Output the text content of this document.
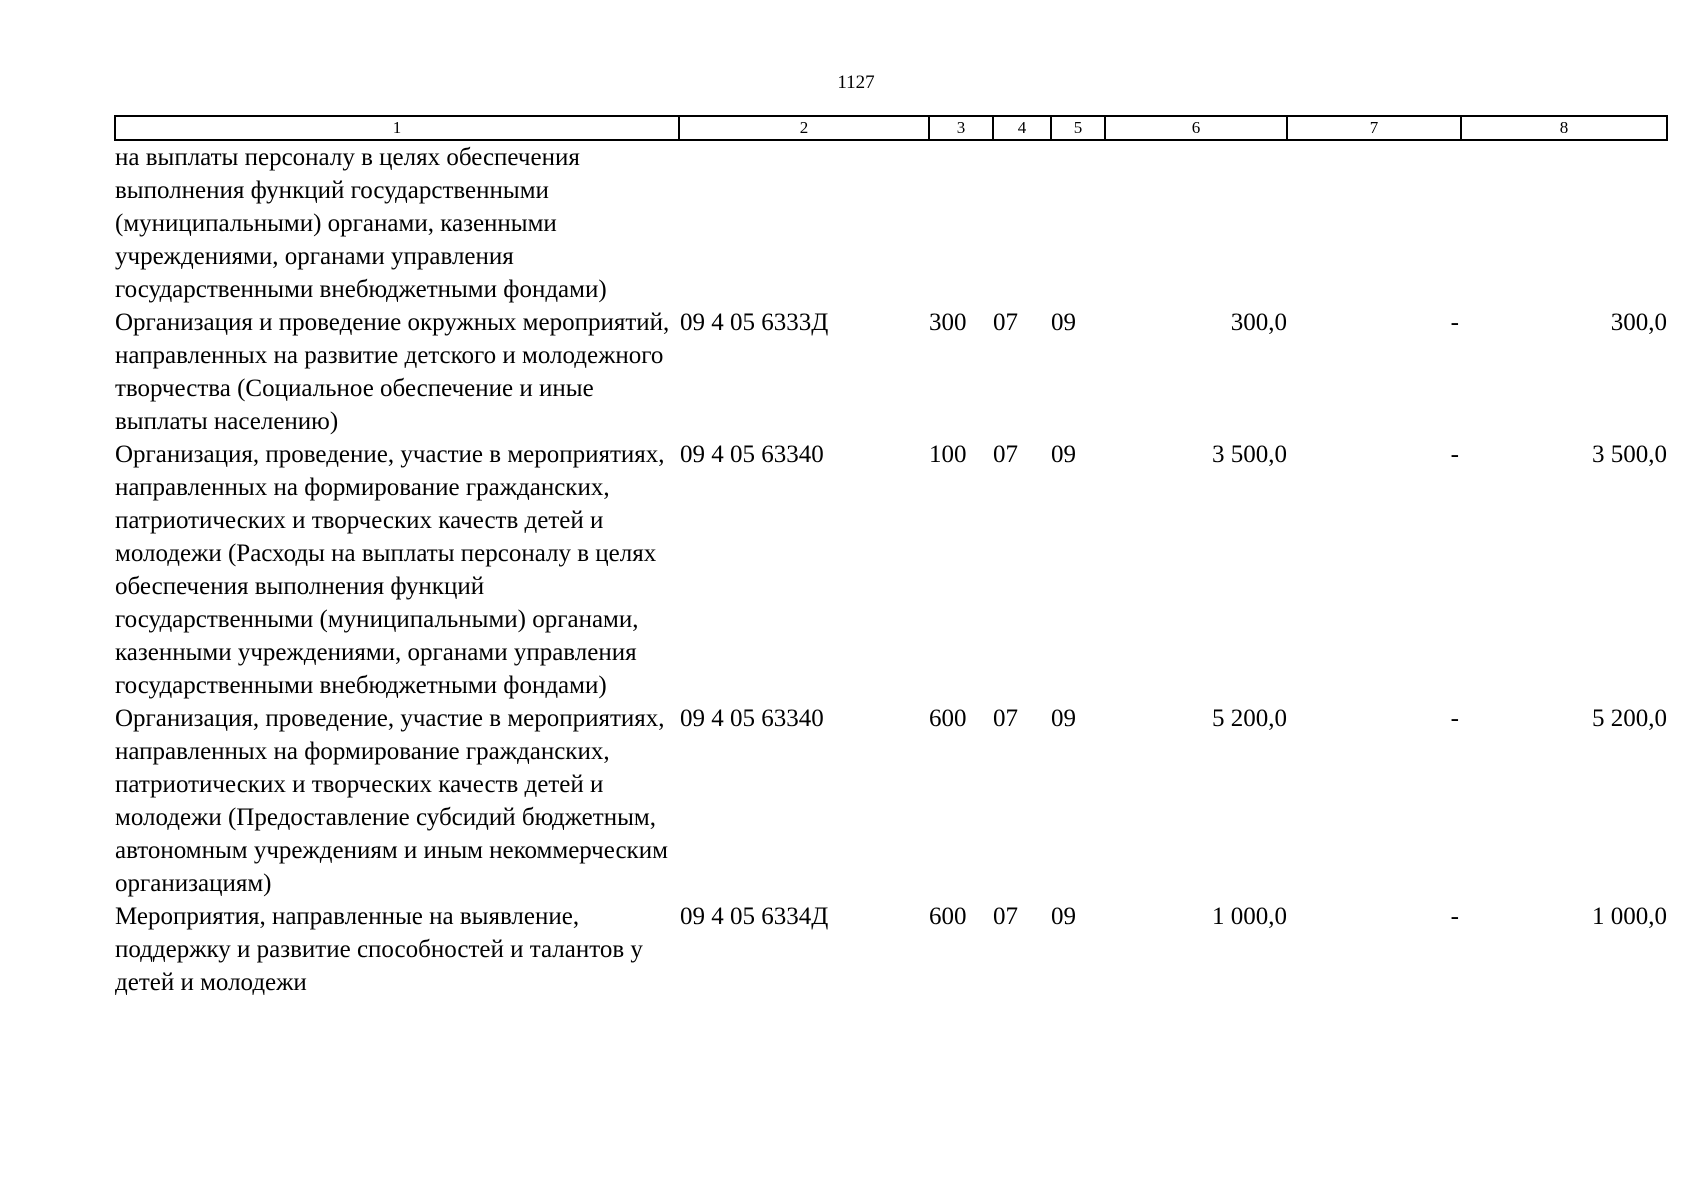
1127
1	2	3	4	5	6	7	8
на выплаты персоналу в целях обеспечения выполнения функций государственными (муниципальными) органами, казенными учреждениями, органами управления государственными внебюджетными фондами)							
Организация и проведение окружных мероприятий, направленных на развитие детского и молодежного творчества (Социальное обеспечение и иные выплаты населению)	09 4 05 6333Д	300	07	09	300,0	-	300,0
Организация, проведение, участие в мероприятиях, направленных на формирование гражданских, патриотических и творческих качеств детей и молодежи (Расходы на выплаты персоналу в целях обеспечения выполнения функций государственными (муниципальными) органами, казенными учреждениями, органами управления государственными внебюджетными фондами)	09 4 05 63340	100	07	09	3 500,0	-	3 500,0
Организация, проведение, участие в мероприятиях, направленных на формирование гражданских, патриотических и творческих качеств детей и молодежи (Предоставление субсидий бюджетным, автономным учреждениям и иным некоммерческим организациям)	09 4 05 63340	600	07	09	5 200,0	-	5 200,0
Мероприятия, направленные на выявление, поддержку и развитие способностей и талантов у детей и молодежи	09 4 05 6334Д	600	07	09	1 000,0	-	1 000,0
